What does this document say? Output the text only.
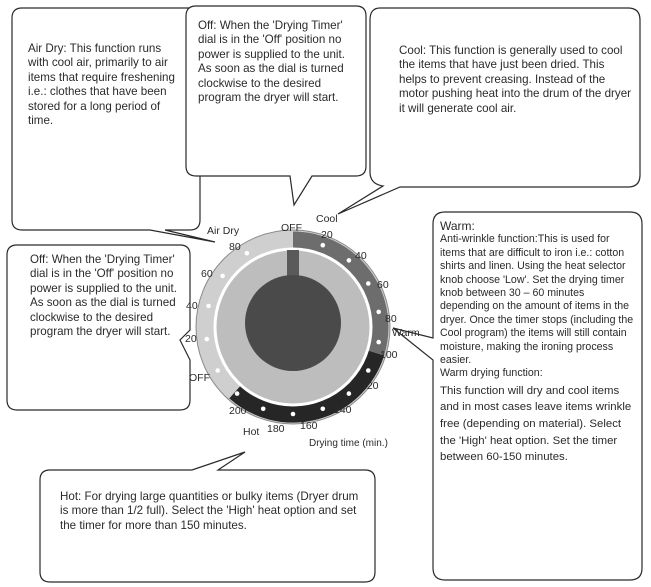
Air Dry	OFF
Cool
Warm
Hot
OFF
Drying time (min.)
80
60
40
20
20
40
60
80
100
120
140
160
180
200

Air Dry: This function runs with cool air, primarily to air items that require freshening i.e.: clothes that have been stored for a long period of time.

Off: When the 'Drying Timer' dial is in the 'Off' position no power is supplied to the unit. As soon as the dial is turned clockwise to the desired program the dryer will start.

Cool: This function is generally used to cool the items that have just been dried. This helps to prevent creasing. Instead of the motor pushing heat into the drum of the dryer it will generate cool air.

Off: When the 'Drying Timer' dial is in the 'Off' position no power is supplied to the unit. As soon as the dial is turned clockwise to the desired program the dryer will start.

Warm:

Anti-wrinkle function:This is used for items that are difficult to iron i.e.: cotton shirts and linen. Using the heat selector knob choose 'Low'. Set the drying timer knob between 30 – 60 minutes depending on the amount of items in the dryer. Once the timer stops (including the Cool program) the items will still contain moisture, making the ironing process easier.

Warm drying function:

This function will dry and cool items and in most cases leave items wrinkle free (depending on material). Select the 'High' heat option. Set the timer between 60-150 minutes.

Hot: For drying large quantities or bulky items (Dryer drum is more than 1/2 full). Select the 'High' heat option and set the timer for more than 150 minutes.
